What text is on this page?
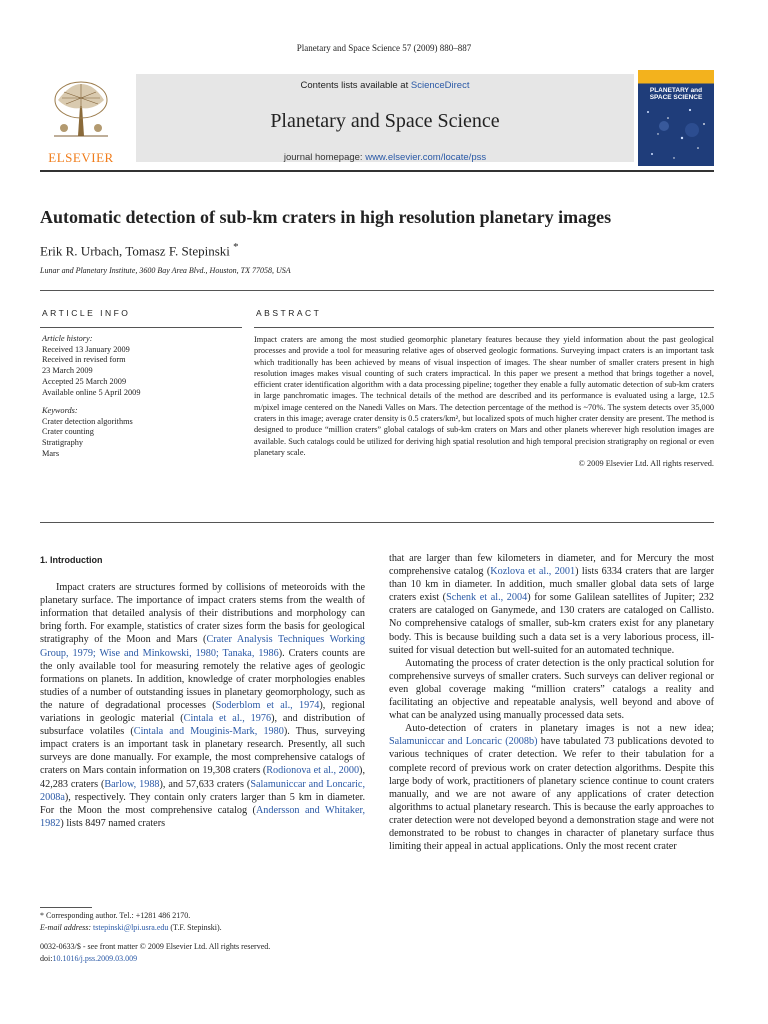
Planetary and Space Science 57 (2009) 880–887
ELSEVIER
Contents lists available at ScienceDirect
Planetary and Space Science
journal homepage: www.elsevier.com/locate/pss
PLANETARY and
SPACE SCIENCE
Automatic detection of sub-km craters in high resolution planetary images
Erik R. Urbach, Tomasz F. Stepinski *
Lunar and Planetary Institute, 3600 Bay Area Blvd., Houston, TX 77058, USA
ARTICLE INFO	ABSTRACT
Article history:
Received 13 January 2009
Received in revised form
23 March 2009
Accepted 25 March 2009
Available online 5 April 2009
Keywords:
Crater detection algorithms
Crater counting
Stratigraphy
Mars

Impact craters are among the most studied geomorphic planetary features because they yield information about the past geological processes and provide a tool for measuring relative ages of observed geologic formations. Surveying impact craters is an important task which traditionally has been achieved by means of visual inspection of images. The shear number of smaller craters present in high resolution images makes visual counting of such craters impractical. In this paper we present a method that brings together a novel, efficient crater identification algorithm with a data processing pipeline; together they enable a fully automatic detection of sub-km craters in large panchromatic images. The technical details of the method are described and its performance is evaluated using a large, 12.5 m/pixel image centered on the Nanedi Valles on Mars. The detection percentage of the method is ~70%. The system detects over 35,000 craters in this image; average crater density is 0.5 craters/km², but localized spots of much higher crater density are present. The method is designed to produce “million craters” global catalogs of sub-km craters on Mars and other planets wherever high resolution images are available. Such catalogs could be utilized for deriving high spatial resolution and high temporal precision stratigraphy on regional or even planetary scale.

© 2009 Elsevier Ltd. All rights reserved.

1. Introduction

Impact craters are structures formed by collisions of meteoroids with the planetary surface. The importance of impact craters stems from the wealth of information that detailed analysis of their distributions and morphology can bring forth. For example, statistics of crater sizes form the basis for geological stratigraphy of the Moon and Mars (Crater Analysis Techniques Working Group, 1979; Wise and Minkowski, 1980; Tanaka, 1986). Craters counts are the only available tool for measuring remotely the relative ages of geologic formations on planets. In addition, knowledge of crater morphologies enables studies of a number of outstanding issues in planetary geomorphology, such as the nature of degradational processes (Soderblom et al., 1974), regional variations in geologic material (Cintala et al., 1976), and distribution of subsurface volatiles (Cintala and Mouginis-Mark, 1980). Thus, surveying impact craters is an important task in planetary research. Presently, all such surveys are done manually. For example, the most comprehensive catalogs of craters on Mars contain information on 19,308 craters (Rodionova et al., 2000), 42,283 craters (Barlow, 1988), and 57,633 craters (Salamuniccar and Loncaric, 2008a), respectively. They contain only craters larger than 5 km in diameter. For the Moon the most comprehensive catalog (Andersson and Whitaker, 1982) lists 8497 named craters

that are larger than few kilometers in diameter, and for Mercury the most comprehensive catalog (Kozlova et al., 2001) lists 6334 craters that are larger than 10 km in diameter. In addition, much smaller global data sets of large craters exist (Schenk et al., 2004) for some Galilean satellites of Jupiter; 232 craters are cataloged on Ganymede, and 130 craters are cataloged on Callisto. No comprehensive catalogs of smaller, sub-km craters exist for any planetary body. This is because building such a data set is a very laborious process, ill-suited for visual detection but well-suited for an automated technique.

Automating the process of crater detection is the only practical solution for comprehensive surveys of smaller craters. Such surveys can deliver regional or even global coverage making “million craters” catalogs a reality and facilitating an objective and repeatable analysis, well beyond and above of what can be analyzed using manually processed data sets.

Auto-detection of craters in planetary images is not a new idea; Salamuniccar and Loncaric (2008b) have tabulated 73 publications devoted to various techniques of crater detection. We refer to their tabulation for a complete record of previous work on crater detection algorithms. Despite this large body of work, practitioners of planetary science continue to count craters manually, and we are not aware of any applications of crater detection algorithms to actual planetary research. This is because the early approaches to crater detection were not developed beyond a demonstration stage and were not demonstrated to be robust to changes in character of planetary surface thus limiting their appeal in actual applications. Only the most recent crater

* Corresponding author. Tel.: +1281 486 2170.
E-mail address: tstepinski@lpi.usra.edu (T.F. Stepinski).
0032-0633/$ - see front matter © 2009 Elsevier Ltd. All rights reserved.
doi:10.1016/j.pss.2009.03.009
